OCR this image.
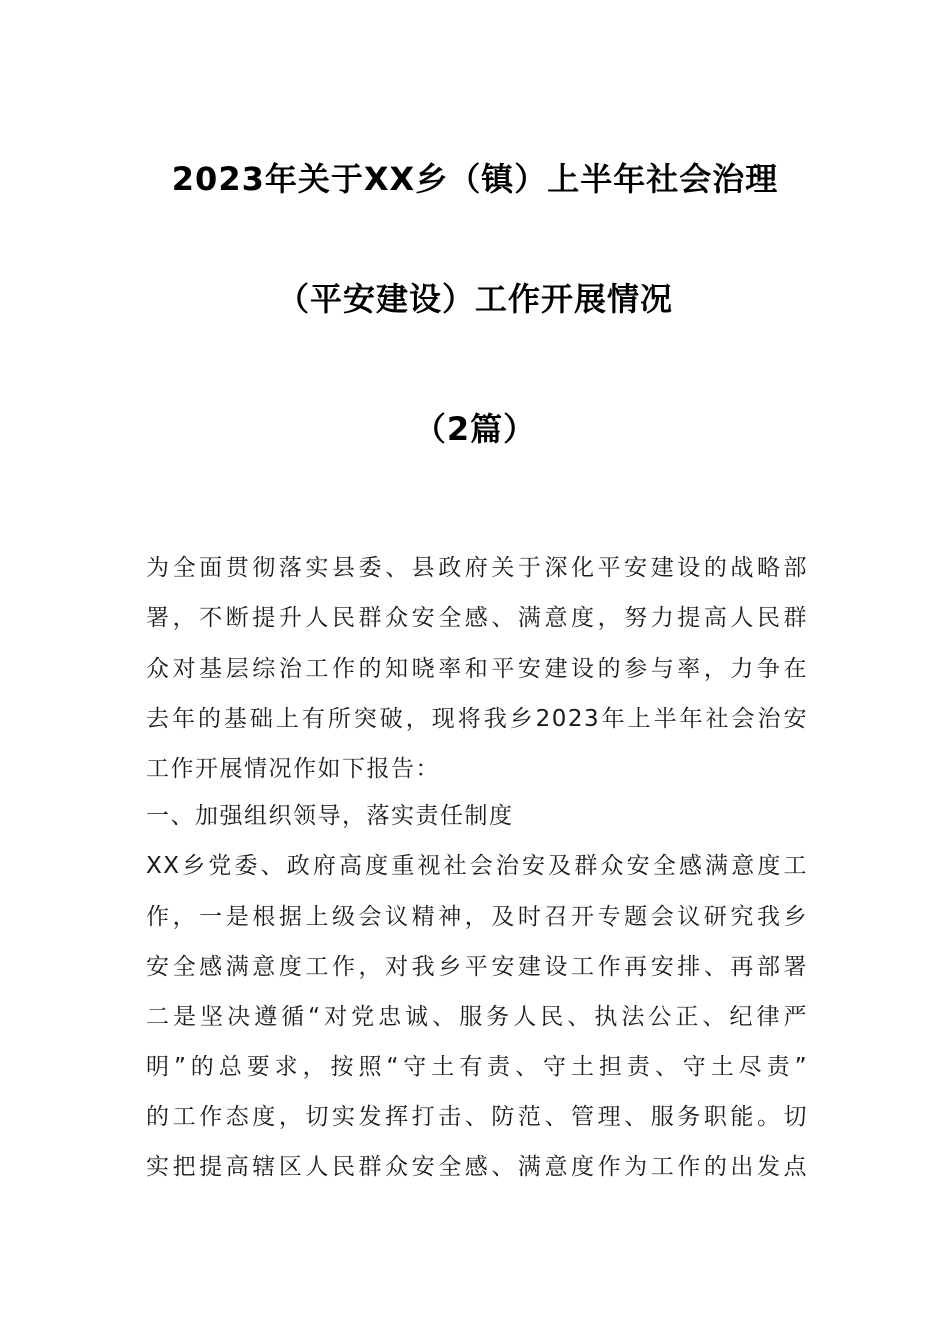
2023年关于XX乡（镇）上半年社会治理
（平安建设）工作开展情况
（2篇）
为全面贯彻落实县委、县政府关于深化平安建设的战略部
署，不断提升人民群众安全感、满意度，努力提高人民群
众对基层综治工作的知晓率和平安建设的参与率，力争在
去年的基础上有所突破，现将我乡2023年上半年社会治安
工作开展情况作如下报告：
一、加强组织领导，落实责任制度
XX乡党委、政府高度重视社会治安及群众安全感满意度工
作，一是根据上级会议精神，及时召开专题会议研究我乡
安全感满意度工作，对我乡平安建设工作再安排、再部署
二是坚决遵循“对党忠诚、服务人民、执法公正、纪律严
明”的总要求，按照“守土有责、守土担责、守土尽责”
的工作态度，切实发挥打击、防范、管理、服务职能。切
实把提高辖区人民群众安全感、满意度作为工作的出发点
